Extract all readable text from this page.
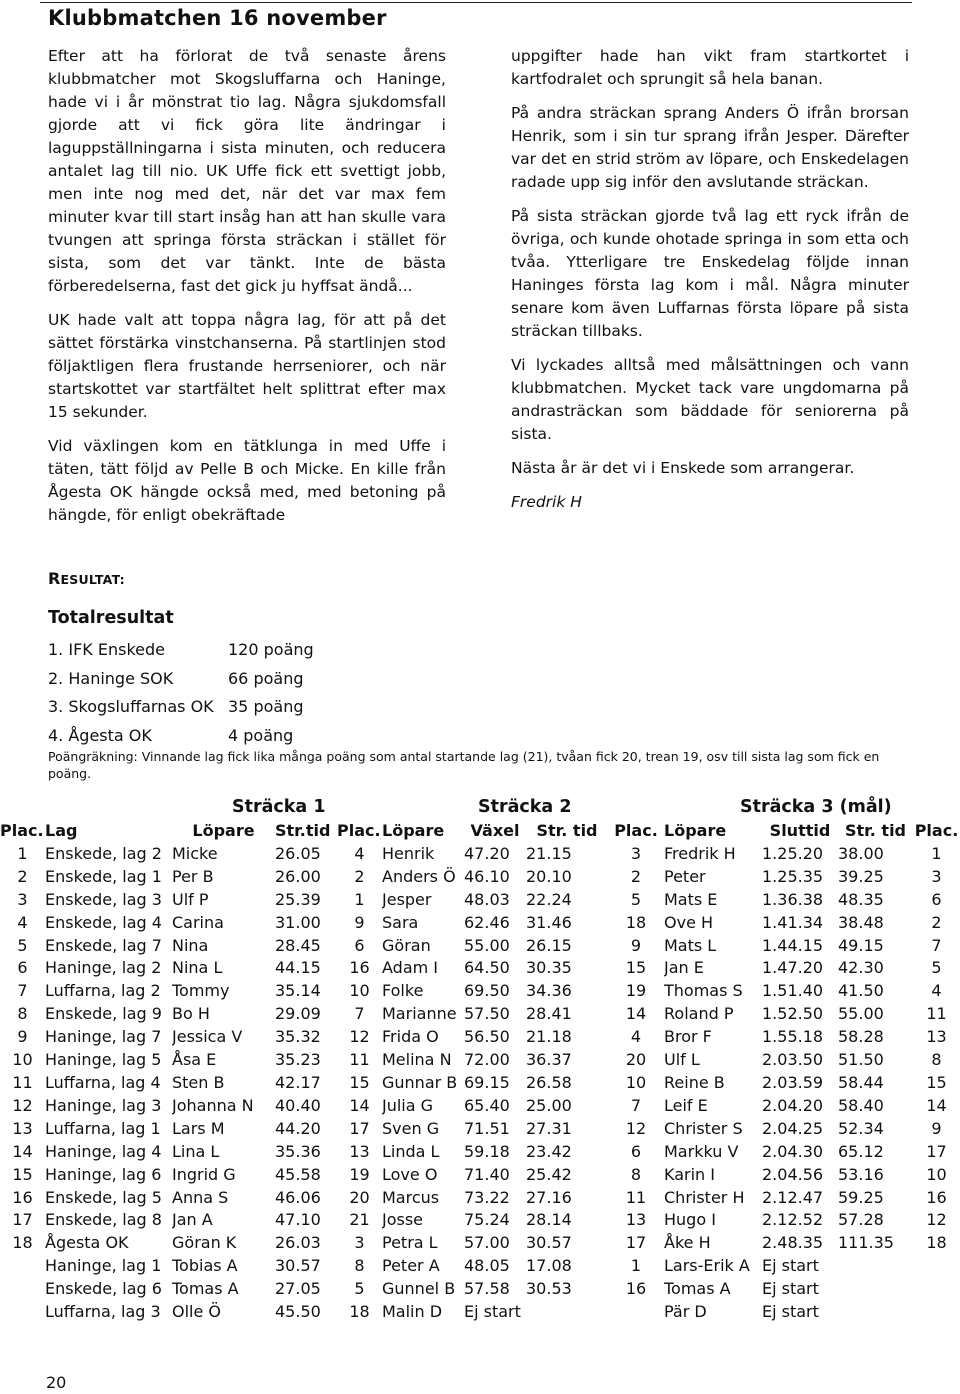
Klubbmatchen 16 november

Efter att ha förlorat de två senaste årens klubbmatcher mot Skogsluffarna och Haninge, hade vi i år mönstrat tio lag. Några sjukdomsfall gjorde att vi fick göra lite ändringar i laguppställningarna i sista minuten, och reducera antalet lag till nio. UK Uffe fick ett svettigt jobb, men inte nog med det, när det var max fem minuter kvar till start insåg han att han skulle vara tvungen att springa första sträckan i stället för sista, som det var tänkt. Inte de bästa förberedelserna, fast det gick ju hyffsat ändå...

UK hade valt att toppa några lag, för att på det sättet förstärka vinstchanserna. På startlinjen stod följaktligen flera frustande herrseniorer, och när startskottet var startfältet helt splittrat efter max 15 sekunder.

Vid växlingen kom en tätklunga in med Uffe i täten, tätt följd av Pelle B och Micke. En kille från Ågesta OK hängde också med, med betoning på hängde, för enligt obekräftade

uppgifter hade han vikt fram startkortet i kartfodralet och sprungit så hela banan.

På andra sträckan sprang Anders Ö ifrån brorsan Henrik, som i sin tur sprang ifrån Jesper. Därefter var det en strid ström av löpare, och Enskedelagen radade upp sig inför den avslutande sträckan.

På sista sträckan gjorde två lag ett ryck ifrån de övriga, och kunde ohotade springa in som etta och tvåa. Ytterligare tre Enskedelag följde innan Haninges första lag kom i mål. Några minuter senare kom även Luffarnas första löpare på sista sträckan tillbaks.

Vi lyckades alltså med målsättningen och vann klubbmatchen. Mycket tack vare ungdomarna på andrasträckan som bäddade för seniorerna på sista.

Nästa år är det vi i Enskede som arrangerar.

Fredrik H

RESULTAT:
Totalresultat
1. IFK Enskede	120 poäng
2. Haninge SOK	66 poäng
3. Skogsluffarnas OK 35 poäng
4. Ågesta OK	4 poäng
Poängräkning: Vinnande lag fick lika många poäng som antal startande lag (21), tvåan fick 20, trean 19, osv till sista lag som fick en poäng.
Sträcka 1	Sträcka 2	Sträcka 3 (mål)
Plac.	Lag	Löpare	Str.tid	Plac.	Löpare	Växel	Str. tid	Plac.	Löpare	Sluttid	Str. tid	Plac.
1	Enskede, lag 2	Micke	26.05	4	Henrik	47.20	21.15	3	Fredrik H	1.25.20	38.00	1
2	Enskede, lag 1	Per B	26.00	2	Anders Ö	46.10	20.10	2	Peter	1.25.35	39.25	3
3	Enskede, lag 3	Ulf P	25.39	1	Jesper	48.03	22.24	5	Mats E	1.36.38	48.35	6
4	Enskede, lag 4	Carina	31.00	9	Sara	62.46	31.46	18	Ove H	1.41.34	38.48	2
5	Enskede, lag 7	Nina	28.45	6	Göran	55.00	26.15	9	Mats L	1.44.15	49.15	7
6	Haninge, lag 2	Nina L	44.15	16	Adam I	64.50	30.35	15	Jan E	1.47.20	42.30	5
7	Luffarna, lag 2	Tommy	35.14	10	Folke	69.50	34.36	19	Thomas S	1.51.40	41.50	4
8	Enskede, lag 9	Bo H	29.09	7	Marianne	57.50	28.41	14	Roland P	1.52.50	55.00	11
9	Haninge, lag 7	Jessica V	35.32	12	Frida O	56.50	21.18	4	Bror F	1.55.18	58.28	13
10	Haninge, lag 5	Åsa E	35.23	11	Melina N	72.00	36.37	20	Ulf L	2.03.50	51.50	8
11	Luffarna, lag 4	Sten B	42.17	15	Gunnar B	69.15	26.58	10	Reine B	2.03.59	58.44	15
12	Haninge, lag 3	Johanna N	40.40	14	Julia G	65.40	25.00	7	Leif E	2.04.20	58.40	14
13	Luffarna, lag 1	Lars M	44.20	17	Sven G	71.51	27.31	12	Christer S	2.04.25	52.34	9
14	Haninge, lag 4	Lina L	35.36	13	Linda L	59.18	23.42	6	Markku V	2.04.30	65.12	17
15	Haninge, lag 6	Ingrid G	45.58	19	Love O	71.40	25.42	8	Karin I	2.04.56	53.16	10
16	Enskede, lag 5	Anna S	46.06	20	Marcus	73.22	27.16	11	Christer H	2.12.47	59.25	16
17	Enskede, lag 8	Jan A	47.10	21	Josse	75.24	28.14	13	Hugo I	2.12.52	57.28	12
18	Ågesta OK	Göran K	26.03	3	Petra L	57.00	30.57	17	Åke H	2.48.35	111.35	18
	Haninge, lag 1	Tobias A	30.57	8	Peter A	48.05	17.08	1	Lars-Erik A	Ej start		
	Enskede, lag 6	Tomas A	27.05	5	Gunnel B	57.58	30.53	16	Tomas A	Ej start		
	Luffarna, lag 3	Olle Ö	45.50	18	Malin D	Ej start			Pär D	Ej start		
20
